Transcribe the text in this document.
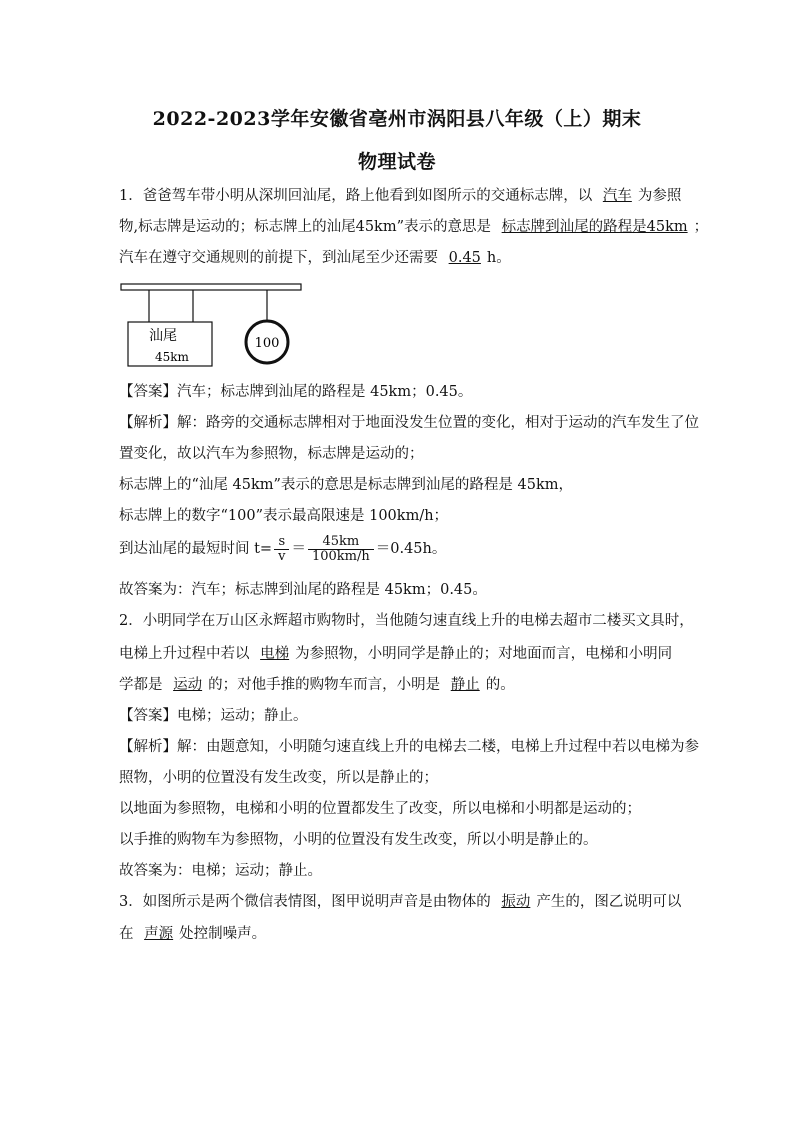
2022-2023学年安徽省亳州市涡阳县八年级（上）期末
物理试卷
1．爸爸驾车带小明从深圳回汕尾，路上他看到如图所示的交通标志牌，以 汽车 为参照
物,标志牌是运动的；标志牌上的汕尾45km”表示的意思是 标志牌到汕尾的路程是45km ；
汽车在遵守交通规则的前提下，到汕尾至少还需要 0.45 h。
汕尾
45km
100
【答案】汽车；标志牌到汕尾的路程是 45km；0.45。
【解析】解：路旁的交通标志牌相对于地面没发生位置的变化，相对于运动的汽车发生了位
置变化，故以汽车为参照物，标志牌是运动的；
标志牌上的“汕尾 45km”表示的意思是标志牌到汕尾的路程是 45km，
标志牌上的数字“100”表示最高限速是 100km/h；
到达汕尾的最短时间 $t= \frac{s}{v} = \frac{45km}{100km/h} =0.45h$。
故答案为：汽车；标志牌到汕尾的路程是 45km；0.45。
2．小明同学在万山区永辉超市购物时，当他随匀速直线上升的电梯去超市二楼买文具时，
电梯上升过程中若以 电梯 为参照物，小明同学是静止的；对地面而言，电梯和小明同
学都是 运动 的；对他手推的购物车而言，小明是 静止 的。
【答案】电梯；运动；静止。
【解析】解：由题意知，小明随匀速直线上升的电梯去二楼，电梯上升过程中若以电梯为参
照物，小明的位置没有发生改变，所以是静止的；
以地面为参照物，电梯和小明的位置都发生了改变，所以电梯和小明都是运动的；
以手推的购物车为参照物，小明的位置没有发生改变，所以小明是静止的。
故答案为：电梯；运动；静止。
3．如图所示是两个微信表情图，图甲说明声音是由物体的 振动 产生的，图乙说明可以
在 声源 处控制噪声。
